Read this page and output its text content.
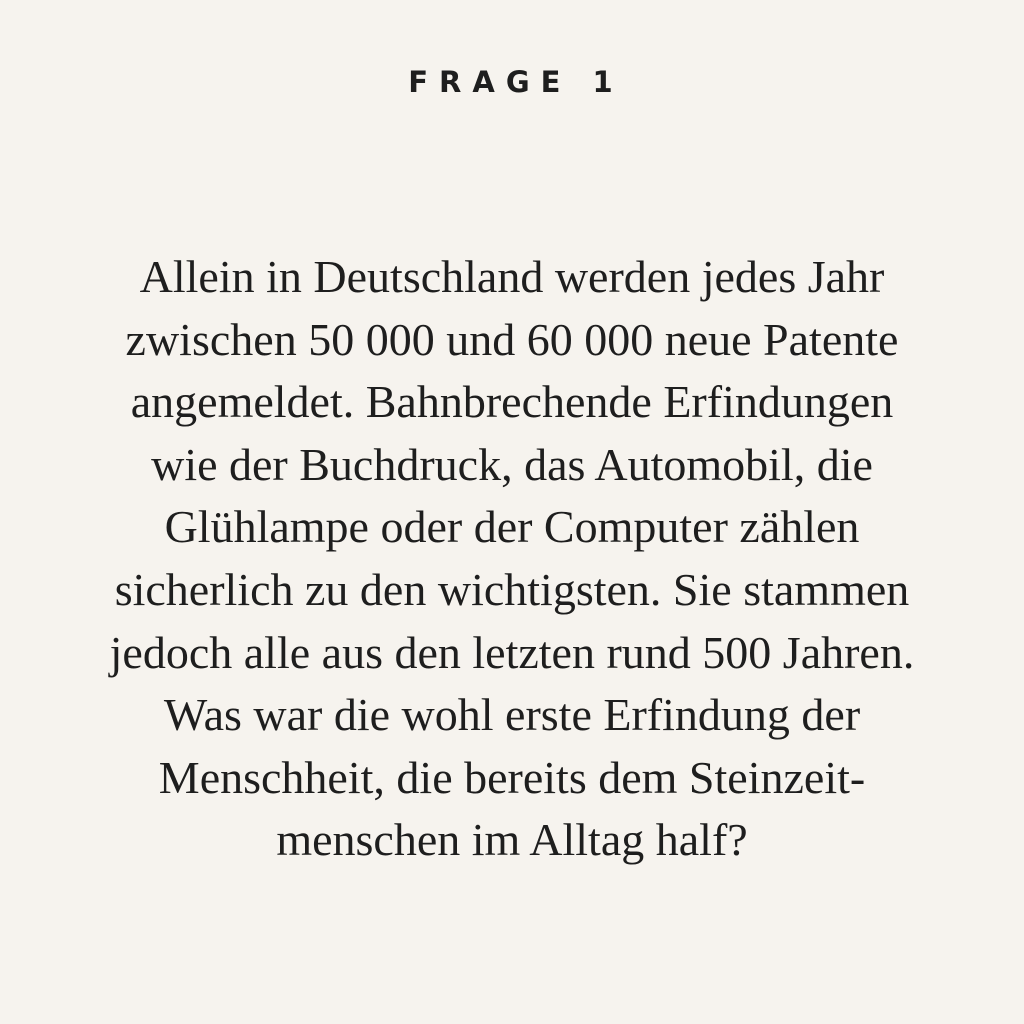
FRAGE 1
Allein in Deutschland werden jedes Jahr
zwischen 50 000 und 60 000 neue Patente
angemeldet. Bahnbrechende Erfindungen
wie der Buchdruck, das Automobil, die
Glühlampe oder der Computer zählen
sicherlich zu den wichtigsten. Sie stammen
jedoch alle aus den letzten rund 500 Jahren.
Was war die wohl erste Erfindung der
Menschheit, die bereits dem Steinzeit-
menschen im Alltag half?
